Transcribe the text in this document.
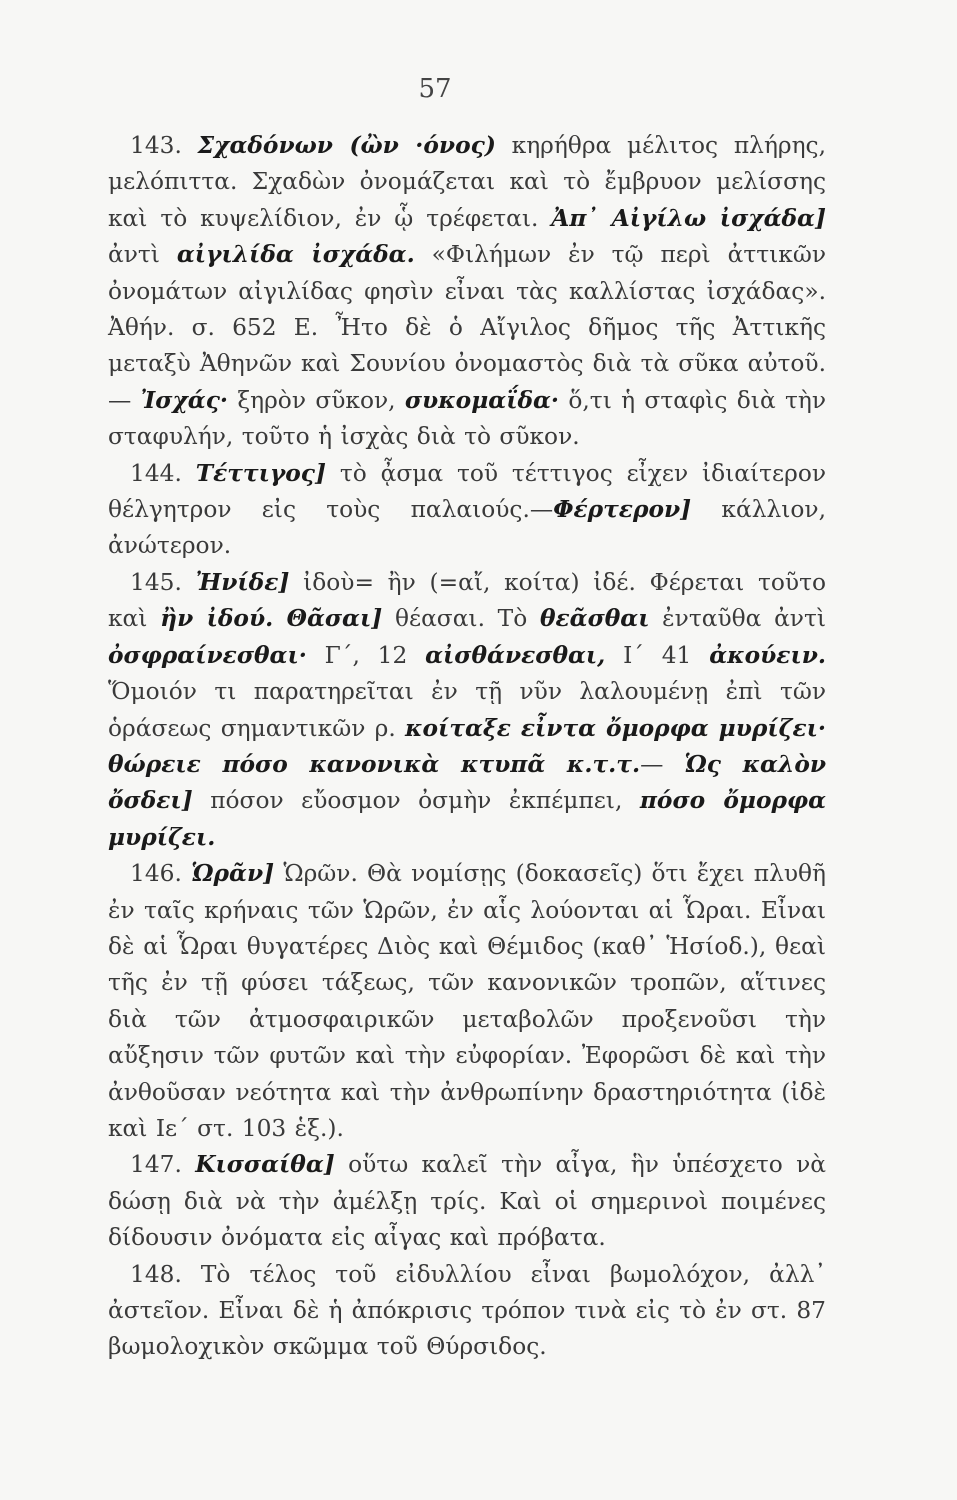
57

143. Σχαδόνων (ὢν ·όνος) κηρήθρα μέλιτος πλήρης, μελόπιττα. Σχαδὼν ὀνομάζεται καὶ τὸ ἔμβρυον μελίσσης καὶ τὸ κυψελίδιον, ἐν ᾧ τρέφεται. Ἀπ᾽ Αἰγίλω ἰσχάδα] ἀντὶ αἰγιλίδα ἰσχάδα. «Φιλήμων ἐν τῷ περὶ ἀττικῶν ὀνομάτων αἰγιλίδας φησὶν εἶναι τὰς καλλίστας ἰσχάδας». Ἀθήν. σ. 652 Ε. Ἦτο δὲ ὁ Αἴγιλος δῆμος τῆς Ἀττικῆς μεταξὺ Ἀθηνῶν καὶ Σουνίου ὀνομαστὸς διὰ τὰ σῦκα αὐτοῦ.— Ἰσχάς· ξηρὸν σῦκον, συκομαΐδα· ὅ,τι ἡ σταφὶς διὰ τὴν σταφυλήν, τοῦτο ἡ ἰσχὰς διὰ τὸ σῦκον.

144. Τέττιγος] τὸ ᾆσμα τοῦ τέττιγος εἶχεν ἰδιαίτερον θέλγητρον εἰς τοὺς παλαιούς.—Φέρτερον] κάλλιον, ἀνώτερον.

145. Ἠνίδε] ἰδοὺ= ἢν (=αἴ, κοίτα) ἰδέ. Φέρεται τοῦτο καὶ ἢν ἰδού. Θᾶσαι] θέασαι. Τὸ θεᾶσθαι ἐνταῦθα ἀντὶ ὀσφραίνεσθαι· Γ΄, 12 αἰσθάνεσθαι, Ι΄ 41 ἀκούειν. Ὅμοιόν τι παρατηρεῖται ἐν τῇ νῦν λαλουμένῃ ἐπὶ τῶν ὁράσεως σημαντικῶν ρ. κοίταξε εἶντα ὄμορφα μυρίζει· θώρειε πόσο κανονικὰ κτυπᾶ κ.τ.τ.— Ὡς καλὸν ὄσδει] πόσον εὔοσμον ὀσμὴν ἐκπέμπει, πόσο ὄμορφα μυρίζει.

146. Ὡρᾶν] Ὡρῶν. Θὰ νομίσῃς (δοκασεῖς) ὅτι ἔχει πλυθῆ ἐν ταῖς κρήναις τῶν Ὡρῶν, ἐν αἷς λούονται αἱ Ὧραι. Εἶναι δὲ αἱ Ὧραι θυγατέρες Διὸς καὶ Θέμιδος (καθ᾽ Ἡσίοδ.), θεαὶ τῆς ἐν τῇ φύσει τάξεως, τῶν κανονικῶν τροπῶν, αἵτινες διὰ τῶν ἀτμοσφαιρικῶν μεταβολῶν προξενοῦσι τὴν αὔξησιν τῶν φυτῶν καὶ τὴν εὐφορίαν. Ἐφορῶσι δὲ καὶ τὴν ἀνθοῦσαν νεότητα καὶ τὴν ἀνθρωπίνην δραστηριότητα (ἰδὲ καὶ Ιε΄ στ. 103 ἑξ.).

147. Κισσαίθα] οὕτω καλεῖ τὴν αἶγα, ἣν ὑπέσχετο νὰ δώσῃ διὰ νὰ τὴν ἀμέλξῃ τρίς. Καὶ οἱ σημερινοὶ ποιμένες δίδουσιν ὀνόματα εἰς αἶγας καὶ πρόβατα.

148. Τὸ τέλος τοῦ εἰδυλλίου εἶναι βωμολόχον, ἀλλ᾽ ἀστεῖον. Εἶναι δὲ ἡ ἀπόκρισις τρόπον τινὰ εἰς τὸ ἐν στ. 87 βωμολοχικὸν σκῶμμα τοῦ Θύρσιδος.
